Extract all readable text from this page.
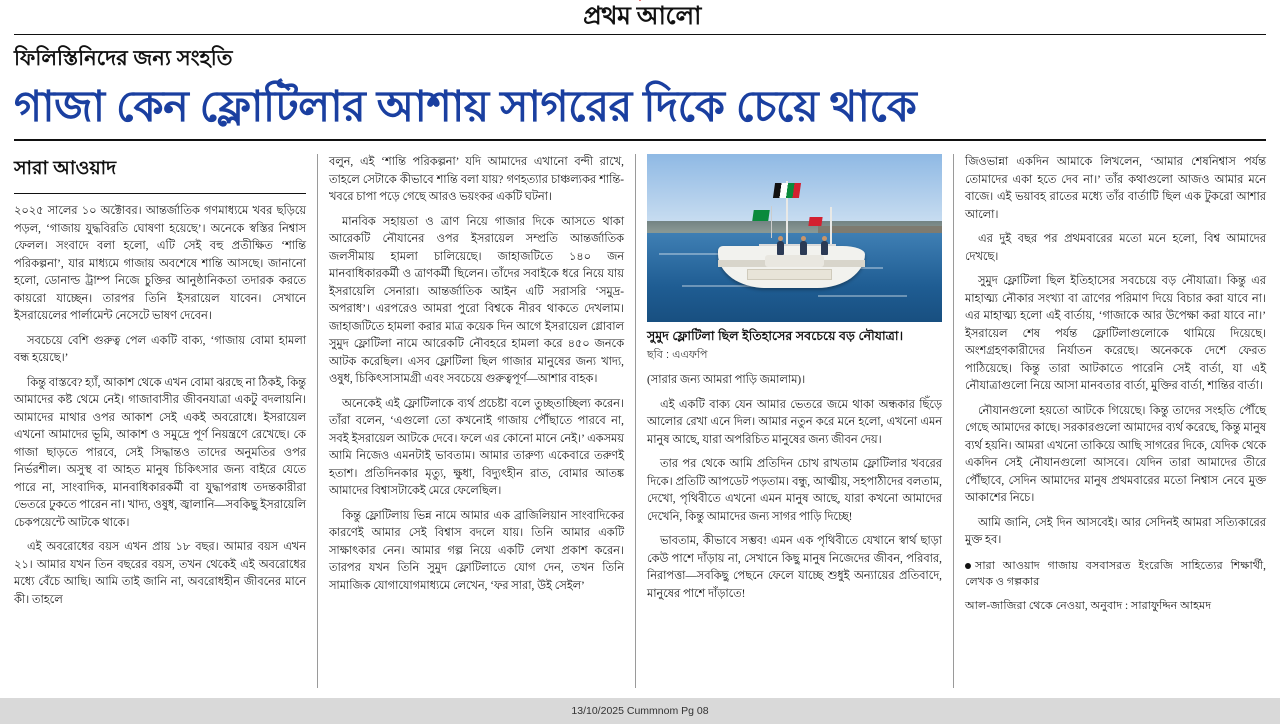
প্রথম আলো
ফিলিস্তিনিদের জন্য সংহতি
গাজা কেন ফ্লোটিলার আশায় সাগরের দিকে চেয়ে থাকে
সারা আওয়াদ

২০২৫ সালের ১০ অক্টোবর। আন্তর্জাতিক গণমাধ্যমে খবর ছড়িয়ে পড়ল, ‘গাজায় যুদ্ধবিরতি ঘোষণা হয়েছে’। অনেকে স্বস্তির নিশ্বাস ফেলল। সংবাদে বলা হলো, এটি সেই বহু প্রতীক্ষিত ‘শান্তি পরিকল্পনা’, যার মাধ্যমে গাজায় অবশেষে শান্তি আসছে। জানানো হলো, ডোনাল্ড ট্রাম্প নিজে চুক্তির আনুষ্ঠানিকতা তদারক করতে কায়রো যাচ্ছেন। তারপর তিনি ইসরায়েল যাবেন। সেখানে ইসরায়েলের পার্লামেন্ট নেসেটে ভাষণ দেবেন।

সবচেয়ে বেশি গুরুত্ব পেল একটি বাক্য, ‘গাজায় বোমা হামলা বন্ধ হয়েছে।’

কিন্তু বাস্তবে? হ্যাঁ, আকাশ থেকে এখন বোমা ঝরছে না ঠিকই, কিন্তু আমাদের কষ্ট থেমে নেই। গাজাবাসীর জীবনযাত্রা একটু বদলায়নি। আমাদের মাথার ওপর আকাশ সেই একই অবরোধে। ইসরায়েল এখনো আমাদের ভূমি, আকাশ ও সমুদ্রে পূর্ণ নিয়ন্ত্রণে রেখেছে। কে গাজা ছাড়তে পারবে, সেই সিদ্ধান্তও তাদের অনুমতির ওপর নির্ভরশীল। অসুস্থ বা আহত মানুষ চিকিৎসার জন্য বাইরে যেতে পারে না, সাংবাদিক, মানবাধিকারকর্মী বা যুদ্ধাপরাধ তদন্তকারীরা ভেতরে ঢুকতে পারেন না। খাদ্য, ওষুধ, জ্বালানি—সবকিছু ইসরায়েলি চেকপয়েন্টে আটকে থাকে।

এই অবরোধের বয়স এখন প্রায় ১৮ বছর। আমার বয়স এখন ২১। আমার যখন তিন বছরের বয়স, তখন থেকেই এই অবরোধের মধ্যে বেঁচে আছি। আমি তাই জানি না, অবরোধহীন জীবনের মানে কী। তাহলে

বলুন, এই ‘শান্তি পরিকল্পনা’ যদি আমাদের এখানো বন্দী রাখে, তাহলে সেটাকে কীভাবে শান্তি বলা যায়? গণহত্যার চাঞ্চল্যকর শান্তি-খবরে চাপা পড়ে গেছে আরও ভয়ংকর একটি ঘটনা।

মানবিক সহায়তা ও ত্রাণ নিয়ে গাজার দিকে আসতে থাকা আরেকটি নৌযানের ওপর ইসরায়েল সম্প্রতি আন্তর্জাতিক জলসীমায় হামলা চালিয়েছে। জাহাজটিতে ১৪০ জন মানবাধিকারকর্মী ও ত্রাণকর্মী ছিলেন। তাঁদের সবাইকে ধরে নিয়ে যায় ইসরায়েলি সেনারা। আন্তর্জাতিক আইন এটি সরাসরি ‘সমুদ্র-অপরাধ’। এরপরেও আমরা পুরো বিশ্বকে নীরব থাকতে দেখলাম। জাহাজটিতে হামলা করার মাত্র কয়েক দিন আগে ইসরায়েল গ্লোবাল সুমুদ ফ্লোটিলা নামে আরেকটি নৌবহরে হামলা করে ৪৫০ জনকে আটক করেছিল। এসব ফ্লোটিলা ছিল গাজার মানুষের জন্য খাদ্য, ওষুধ, চিকিৎসাসামগ্রী এবং সবচেয়ে গুরুত্বপূর্ণ—আশার বাহক।

অনেকেই এই ফ্লোটিলাকে ব্যর্থ প্রচেষ্টা বলে তুচ্ছতাচ্ছিল্য করেন। তাঁরা বলেন, ‘এগুলো তো কখনোই গাজায় পৌঁছাতে পারবে না, সবই ইসরায়েল আটকে দেবে। ফলে এর কোনো মানে নেই।’ একসময় আমি নিজেও এমনটাই ভাবতাম। আমার তারুণ্য একেবারে তরুণই হতাশ। প্রতিদিনকার মৃত্যু, ক্ষুধা, বিদ্যুৎহীন রাত, বোমার আতঙ্ক আমাদের বিশ্বাসটাকেই মেরে ফেলেছিল।

কিন্তু ফ্লোটিলায় ভিন্ন নামে আমার এক ব্রাজিলিয়ান সাংবাদিকের কারণেই আমার সেই বিশ্বাস বদলে যায়। তিনি আমার একটি সাক্ষাৎকার নেন। আমার গল্প নিয়ে একটি লেখা প্রকাশ করেন। তারপর যখন তিনি সুমুদ ফ্লোটিলাতে যোগ দেন, তখন তিনি সামাজিক যোগাযোগমাধ্যমে লেখেন, ‘ফর সারা, উই সেইল’

সুমুদ ফ্লোটিলা ছিল ইতিহাসের সবচেয়ে বড় নৌযাত্রা।
ছবি : এএফপি

(সারার জন্য আমরা পাড়ি জমালাম)।

এই একটি বাক্য যেন আমার ভেতরে জমে থাকা অন্ধকার ছিঁড়ে আলোর রেখা এনে দিল। আমার নতুন করে মনে হলো, এখনো এমন মানুষ আছে, যারা অপরিচিত মানুষের জন্য জীবন দেয়।

তার পর থেকে আমি প্রতিদিন চোখ রাখতাম ফ্লোটিলার খবরের দিকে। প্রতিটি আপডেট পড়তাম। বন্ধু, আত্মীয়, সহপাঠীদের বলতাম, দেখো, পৃথিবীতে এখনো এমন মানুষ আছে, যারা কখনো আমাদের দেখেনি, কিন্তু আমাদের জন্য সাগর পাড়ি দিচ্ছে!

ভাবতাম, কীভাবে সম্ভব! এমন এক পৃথিবীতে যেখানে স্বার্থ ছাড়া কেউ পাশে দাঁড়ায় না, সেখানে কিছু মানুষ নিজেদের জীবন, পরিবার, নিরাপত্তা—সবকিছু পেছনে ফেলে যাচ্ছে শুধুই অন্যায়ের প্রতিবাদে, মানুষের পাশে দাঁড়াতে!

জিওভান্না একদিন আমাকে লিখলেন, ‘আমার শেষনিশ্বাস পর্যন্ত তোমাদের একা হতে দেব না।’ তাঁর কথাগুলো আজও আমার মনে বাজে। এই ভয়াবহ রাতের মধ্যে তাঁর বার্তাটি ছিল এক টুকরো আশার আলো।

এর দুই বছর পর প্রথমবারের মতো মনে হলো, বিশ্ব আমাদের দেখছে।

সুমুদ ফ্লোটিলা ছিল ইতিহাসের সবচেয়ে বড় নৌযাত্রা। কিন্তু এর মাহাত্ম্য নৌকার সংখ্যা বা ত্রাণের পরিমাণ দিয়ে বিচার করা যাবে না। এর মাহাত্ম্য হলো এই বার্তায়, ‘গাজাকে আর উপেক্ষা করা যাবে না।’ ইসরায়েল শেষ পর্যন্ত ফ্লোটিলাগুলোকে থামিয়ে দিয়েছে। অংশগ্রহণকারীদের নির্যাতন করেছে। অনেককে দেশে ফেরত পাঠিয়েছে। কিন্তু তারা আটকাতে পারেনি সেই বার্তা, যা এই নৌযাত্রাগুলো নিয়ে আসা মানবতার বার্তা, মুক্তির বার্তা, শান্তির বার্তা।

নৌযানগুলো হয়তো আটকে গিয়েছে। কিন্তু তাদের সংহতি পৌঁছে গেছে আমাদের কাছে। সরকারগুলো আমাদের ব্যর্থ করেছে, কিন্তু মানুষ ব্যর্থ হয়নি। আমরা এখনো তাকিয়ে আছি সাগরের দিকে, যেদিক থেকে একদিন সেই নৌযানগুলো আসবে। যেদিন তারা আমাদের তীরে পৌঁছাবে, সেদিন আমাদের মানুষ প্রথমবারের মতো নিশ্বাস নেবে মুক্ত আকাশের নিচে।

আমি জানি, সেই দিন আসবেই। আর সেদিনই আমরা সত্যিকারের মুক্ত হব।

সারা আওয়াদ গাজায় বসবাসরত ইংরেজি সাহিত্যের শিক্ষার্থী, লেখক ও গল্পকার
আল-জাজিরা থেকে নেওয়া, অনুবাদ : সারাফুদ্দিন আহমদ
13/10/2025 Cummnom Pg 08
